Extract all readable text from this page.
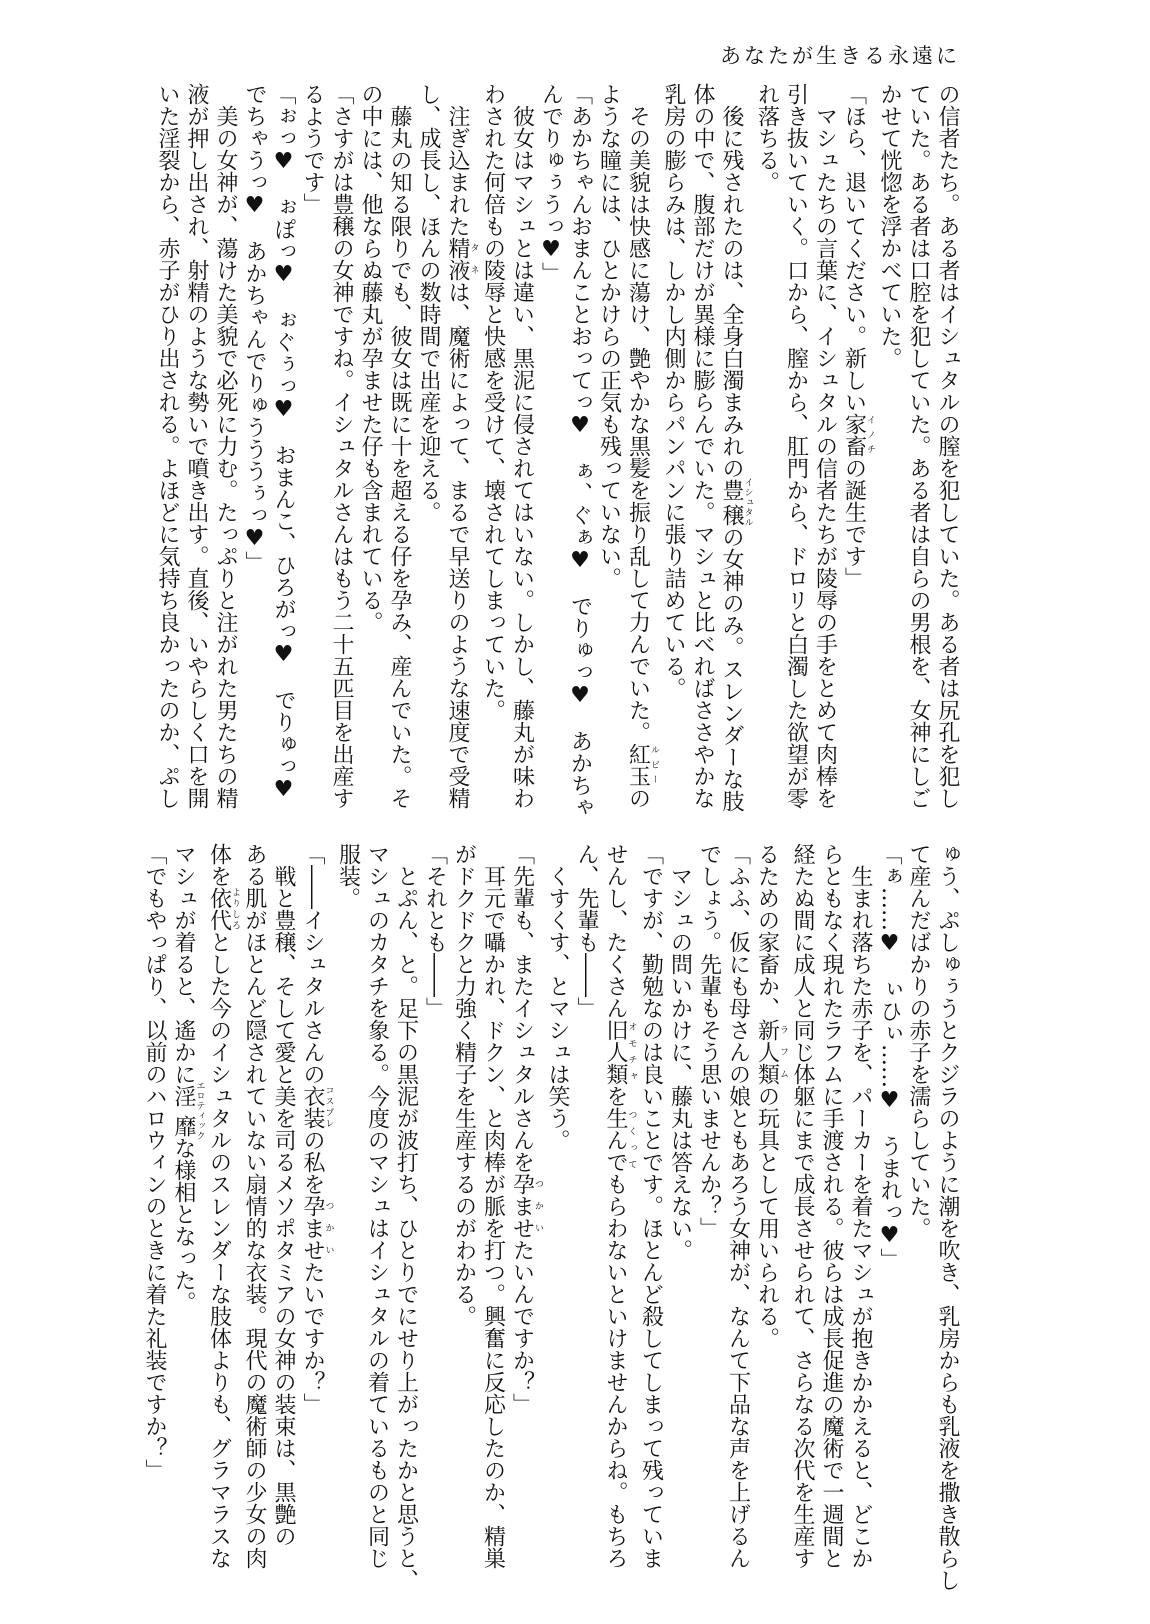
あなたが生きる永遠に
の信者たち。ある者はイシュタルの膣を犯していた。ある者は尻孔を犯し
ていた。ある者は口腔を犯していた。ある者は自らの男根を、女神にしご
かせて恍惚を浮かべていた。
「ほら、退いてください。新しい家畜イノチの誕生です」
　マシュたちの言葉に、イシュタルの信者たちが陵辱の手をとめて肉棒を
引き抜いていく。口から、膣から、肛門から、ドロリと白濁した欲望が零
れ落ちる。
　後に残されたのは、全身白濁まみれの豊穣イシュタルの女神のみ。スレンダーな肢
体の中で、腹部だけが異様に膨らんでいた。マシュと比べればささやかな
乳房の膨らみは、しかし内側からパンパンに張り詰めている。
　その美貌は快感に蕩け、艶やかな黒髪を振り乱して力んでいた。紅玉ルビーの
ような瞳には、ひとかけらの正気も残っていない。
「あかちゃんおまんことおってっ♥　ぁ、ぐぁ♥　でりゅっ♥　あかちゃ
んでりゅぅうっ♥」
　彼女はマシュとは違い、黒泥に侵されてはいない。しかし、藤丸が味わ
わされた何倍もの陵辱と快感を受けて、壊されてしまっていた。
　注ぎ込まれた精液タネは、魔術によって、まるで早送りのような速度で受精
し、成長し、ほんの数時間で出産を迎える。
　藤丸の知る限りでも、彼女は既に十を超える仔を孕み、産んでいた。そ
の中には、他ならぬ藤丸が孕ませた仔も含まれている。
「さすがは豊穣の女神ですね。イシュタルさんはもう二十五匹目を出産す
るようです」
「ぉっ♥　ぉぽっ♥　ぉぐぅっ♥　おまんこ、ひろがっ♥　でりゅっ♥
でちゃうっ♥　あかちゃんでりゅうううぅっ♥」
　美の女神が、蕩けた美貌で必死に力む。たっぷりと注がれた男たちの精
液が押し出され、射精のような勢いで噴き出す。直後、いやらしく口を開
いた淫裂から、赤子がひり出される。よほどに気持ち良かったのか、ぷし
ゅう、ぷしゅぅうとクジラのように潮を吹き、乳房からも乳液を撒き散らし
て産んだばかりの赤子を濡らしていた。
「ぁ……♥　ぃひぃ……♥　うまれっ♥」
　生まれ落ちた赤子を、パーカーを着たマシュが抱きかかえると、どこか
らともなく現れたラフムに手渡される。彼らは成長促進の魔術で一週間と
経たぬ間に成人と同じ体躯にまで成長させられて、さらなる次代を生産す
るための家畜か、新人類ラフムの玩具として用いられる。
「ふふ、仮にも母さんの娘ともあろう女神が、なんて下品な声を上げるん
でしょう。先輩もそう思いませんか？」
　マシュの問いかけに、藤丸は答えない。
「ですが、勤勉なのは良いことです。ほとんど殺してしまって残っていま
せんし、たくさん旧人類オモチャを生んでつくってもらわないといけませんからね。もちろ
ん、先輩も――」
　くすくす、とマシュは笑う。
「先輩も、またイシュタルさんを孕ませつかいたいんですか？」
　耳元で囁かれ、ドクン、と肉棒が脈を打つ。興奮に反応したのか、精巣
がドクドクと力強く精子を生産するのがわかる。
「それとも――」
　とぷん、と。足下の黒泥が波打ち、ひとりでにせり上がったかと思うと、
マシュのカタチを象る。今度のマシュはイシュタルの着ているものと同じ
服装。
「――イシュタルさんの衣装コスプレの私を孕ませつかいたいですか？」
　戦と豊穣、そして愛と美を司るメソポタミアの女神の装束は、黒艶の
ある肌がほとんど隠されていない扇情的な衣装。現代の魔術師の少女の肉
体を依代よりしろとした今のイシュタルのスレンダーな肢体よりも、グラマラスな
マシュが着ると、遙かに淫靡エロティックな様相となった。
「でもやっぱり、以前のハロウィンのときに着た礼装ですか？」
